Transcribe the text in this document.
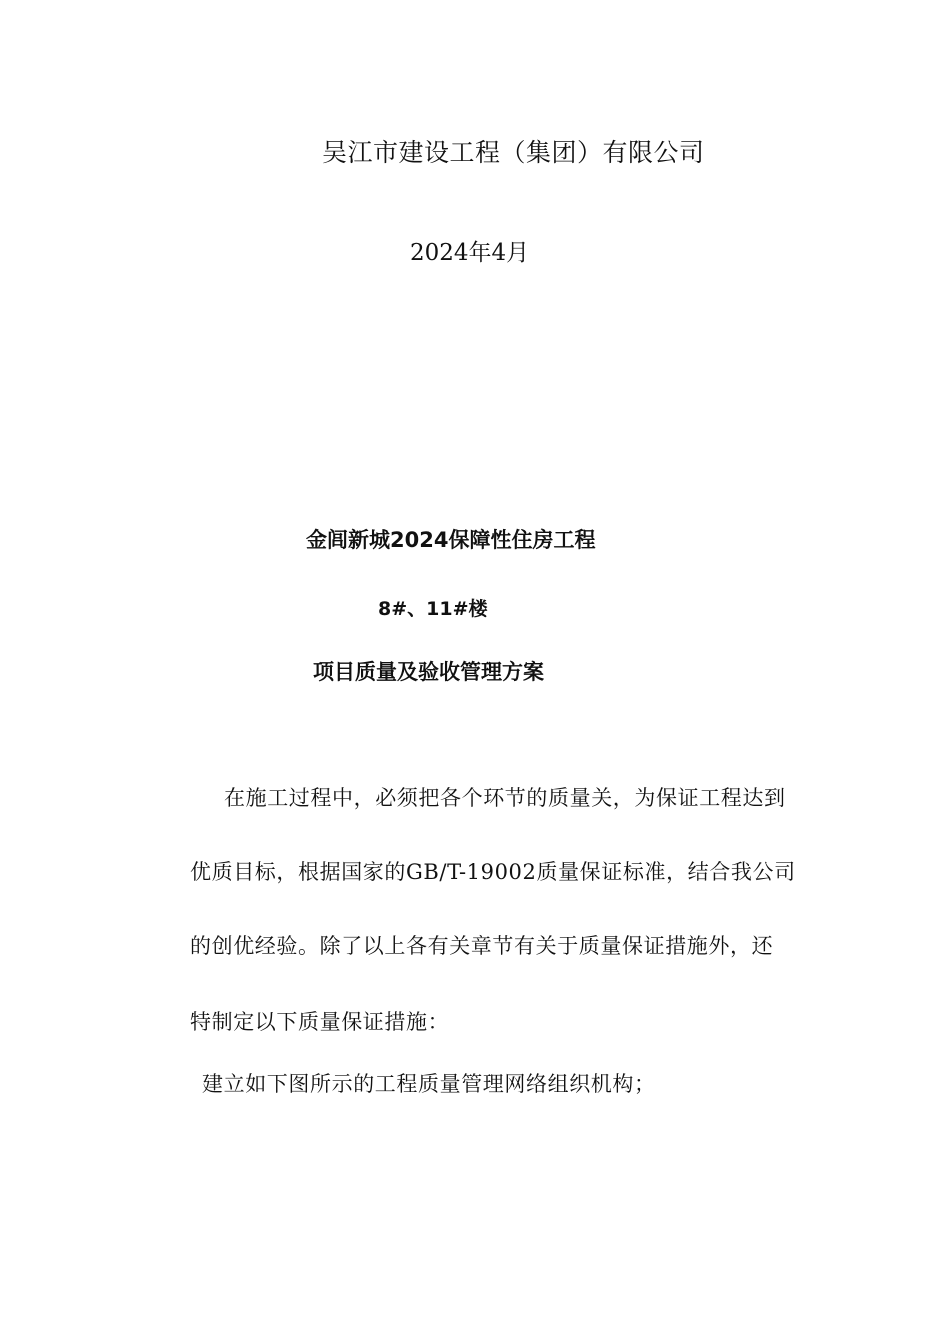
吴江市建设工程（集团）有限公司
2024年4月
金闾新城2024保障性住房工程
8#、11#楼
项目质量及验收管理方案
在施工过程中，必须把各个环节的质量关，为保证工程达到
优质目标，根据国家的GB/T-19002质量保证标准，结合我公司
的创优经验。除了以上各有关章节有关于质量保证措施外，还
特制定以下质量保证措施：
建立如下图所示的工程质量管理网络组织机构；
